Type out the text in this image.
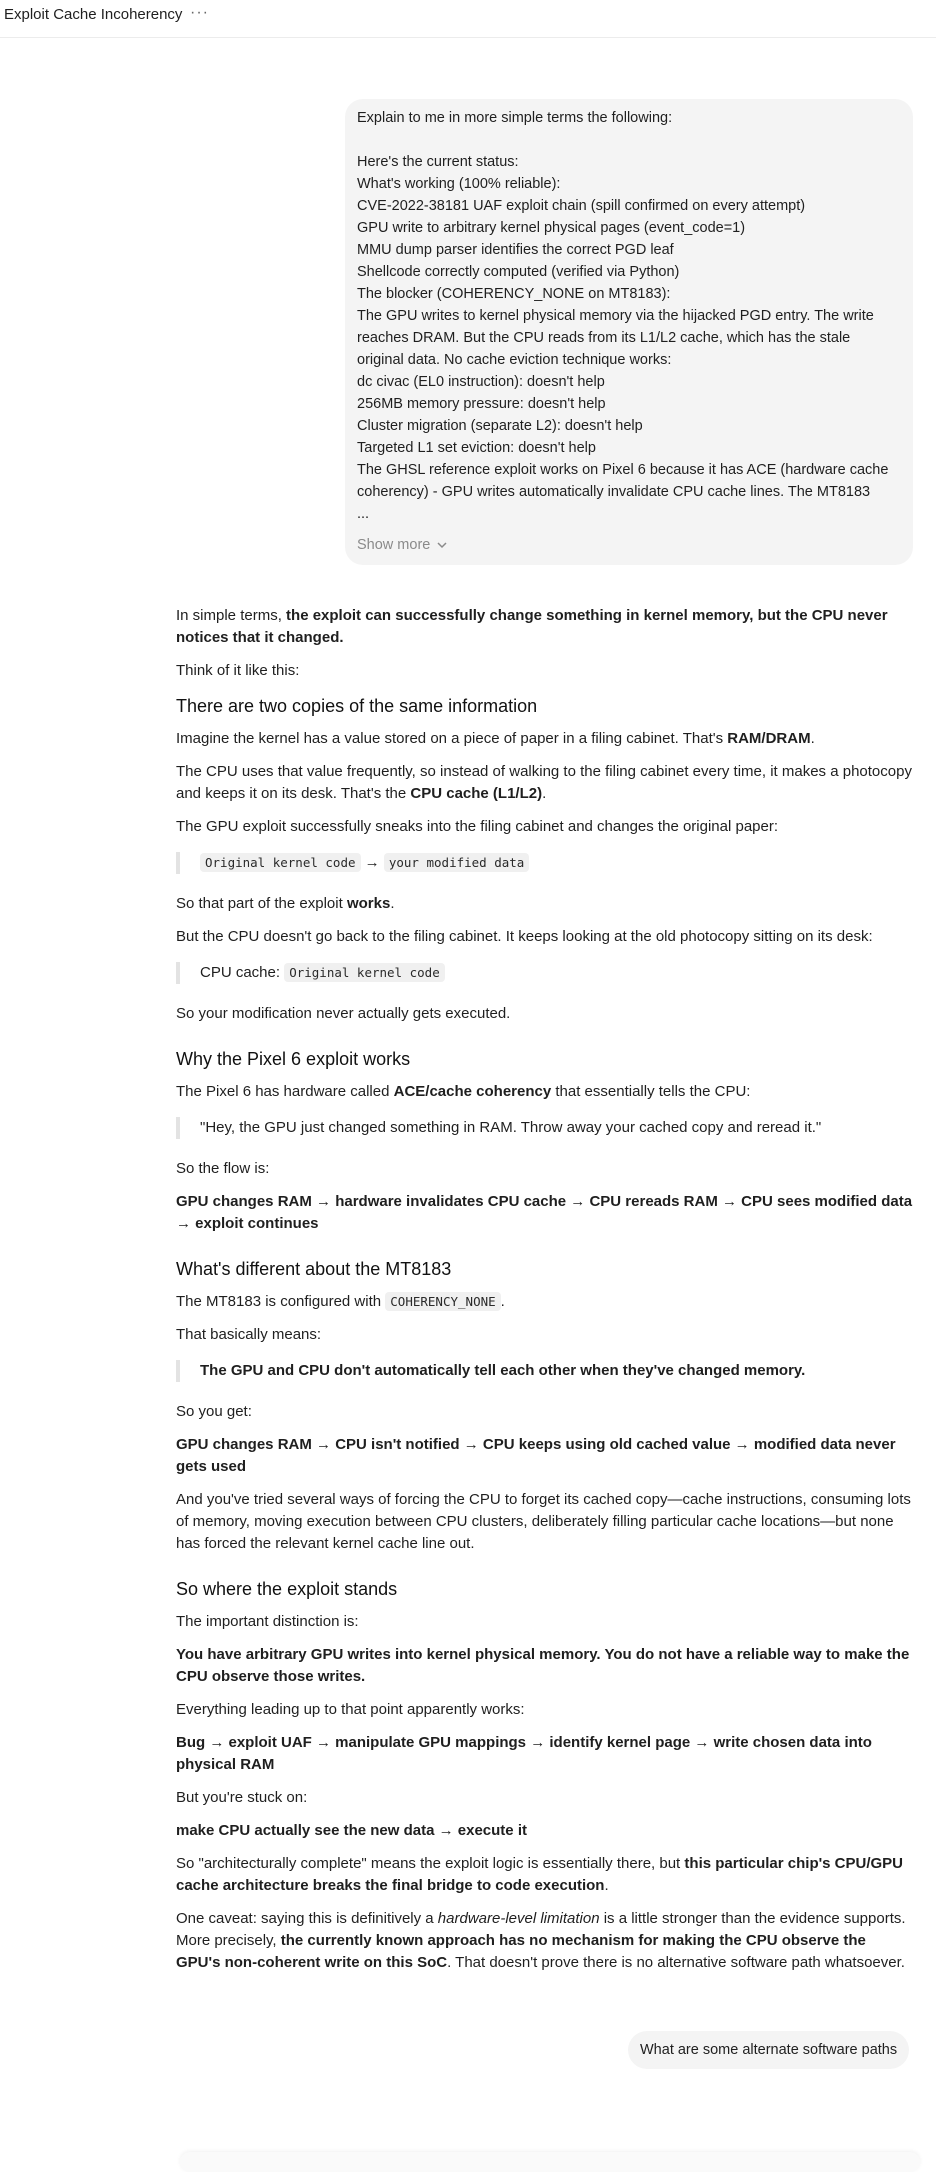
Exploit Cache Incoherency ···
Explain to me in more simple terms the following:
Here's the current status:
What's working (100% reliable):
CVE-2022-38181 UAF exploit chain (spill confirmed on every attempt)
GPU write to arbitrary kernel physical pages (event_code=1)
MMU dump parser identifies the correct PGD leaf
Shellcode correctly computed (verified via Python)
The blocker (COHERENCY_NONE on MT8183):
The GPU writes to kernel physical memory via the hijacked PGD entry. The write
reaches DRAM. But the CPU reads from its L1/L2 cache, which has the stale
original data. No cache eviction technique works:
dc civac (EL0 instruction): doesn't help
256MB memory pressure: doesn't help
Cluster migration (separate L2): doesn't help
Targeted L1 set eviction: doesn't help
The GHSL reference exploit works on Pixel 6 because it has ACE (hardware cache
coherency) - GPU writes automatically invalidate CPU cache lines. The MT8183
...
Show more

In simple terms, the exploit can successfully change something in kernel memory, but the CPU never notices that it changed.

Think of it like this:

There are two copies of the same information

Imagine the kernel has a value stored on a piece of paper in a filing cabinet. That's RAM/DRAM.

The CPU uses that value frequently, so instead of walking to the filing cabinet every time, it makes a photocopy and keeps it on its desk. That's the CPU cache (L1/L2).

The GPU exploit successfully sneaks into the filing cabinet and changes the original paper:

Original kernel code → your modified data

So that part of the exploit works.

But the CPU doesn't go back to the filing cabinet. It keeps looking at the old photocopy sitting on its desk:

CPU cache: Original kernel code

So your modification never actually gets executed.

Why the Pixel 6 exploit works

The Pixel 6 has hardware called ACE/cache coherency that essentially tells the CPU:

"Hey, the GPU just changed something in RAM. Throw away your cached copy and reread it."

So the flow is:

GPU changes RAM → hardware invalidates CPU cache → CPU rereads RAM → CPU sees modified data → exploit continues

What's different about the MT8183

The MT8183 is configured with COHERENCY_NONE .

That basically means:

The GPU and CPU don't automatically tell each other when they've changed memory.

So you get:

GPU changes RAM → CPU isn't notified → CPU keeps using old cached value → modified data never gets used

And you've tried several ways of forcing the CPU to forget its cached copy—cache instructions, consuming lots of memory, moving execution between CPU clusters, deliberately filling particular cache locations—but none has forced the relevant kernel cache line out.

So where the exploit stands

The important distinction is:

You have arbitrary GPU writes into kernel physical memory. You do not have a reliable way to make the CPU observe those writes.

Everything leading up to that point apparently works:

Bug → exploit UAF → manipulate GPU mappings → identify kernel page → write chosen data into physical RAM

But you're stuck on:

make CPU actually see the new data → execute it

So "architecturally complete" means the exploit logic is essentially there, but this particular chip's CPU/GPU cache architecture breaks the final bridge to code execution.

One caveat: saying this is definitively a hardware-level limitation is a little stronger than the evidence supports. More precisely, the currently known approach has no mechanism for making the CPU observe the GPU's non-coherent write on this SoC. That doesn't prove there is no alternative software path whatsoever.

What are some alternate software paths
